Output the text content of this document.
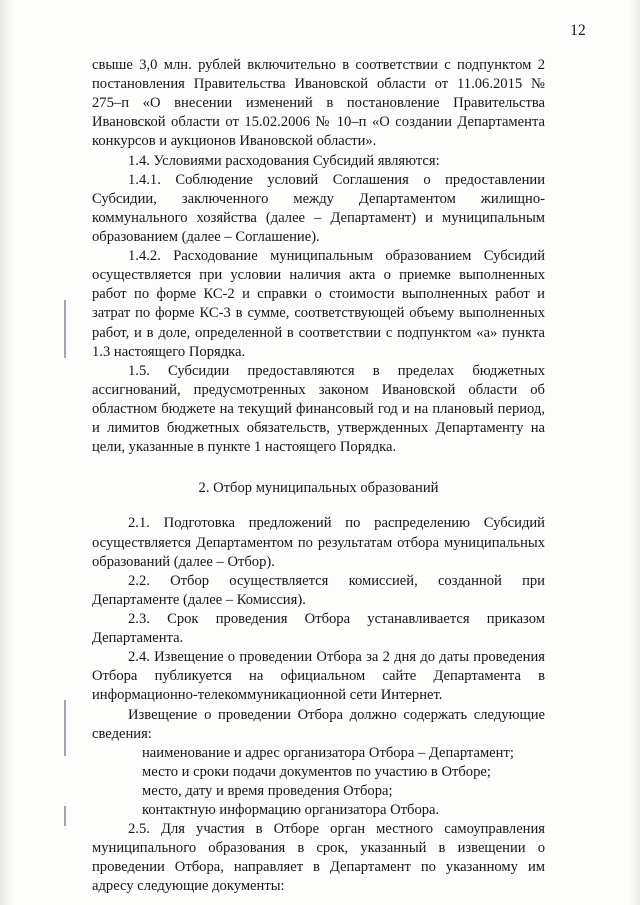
12

свыше 3,0 млн. рублей включительно в соответствии с подпунктом 2 постановления Правительства Ивановской области от 11.06.2015 № 275–п «О внесении изменений в постановление Правительства Ивановской области от 15.02.2006 № 10–п «О создании Департамента конкурсов и аукционов Ивановской области».

1.4. Условиями расходования Субсидий являются:

1.4.1. Соблюдение условий Соглашения о предоставлении Субсидии, заключенного между Департаментом жилищно-коммунального хозяйства (далее – Департамент) и муниципальным образованием (далее – Соглашение).

1.4.2. Расходование муниципальным образованием Субсидий осуществляется при условии наличия акта о приемке выполненных работ по форме КС-2 и справки о стоимости выполненных работ и затрат по форме КС-3 в сумме, соответствующей объему выполненных работ, и в доле, определенной в соответствии с подпунктом «а» пункта 1.3 настоящего Порядка.

1.5. Субсидии предоставляются в пределах бюджетных ассигнований, предусмотренных законом Ивановской области об областном бюджете на текущий финансовый год и на плановый период, и лимитов бюджетных обязательств, утвержденных Департаменту на цели, указанные в пункте 1 настоящего Порядка.

2. Отбор муниципальных образований

2.1. Подготовка предложений по распределению Субсидий осуществляется Департаментом по результатам отбора муниципальных образований (далее – Отбор).

2.2. Отбор осуществляется комиссией, созданной при Департаменте (далее – Комиссия).

2.3. Срок проведения Отбора устанавливается приказом Департамента.

2.4. Извещение о проведении Отбора за 2 дня до даты проведения Отбора публикуется на официальном сайте Департамента в информационно-телекоммуникационной сети Интернет.

Извещение о проведении Отбора должно содержать следующие сведения:

наименование и адрес организатора Отбора – Департамент;

место и сроки подачи документов по участию в Отборе;

место, дату и время проведения Отбора;

контактную информацию организатора Отбора.

2.5. Для участия в Отборе орган местного самоуправления муниципального образования в срок, указанный в извещении о проведении Отбора, направляет в Департамент по указанному им адресу следующие документы:
